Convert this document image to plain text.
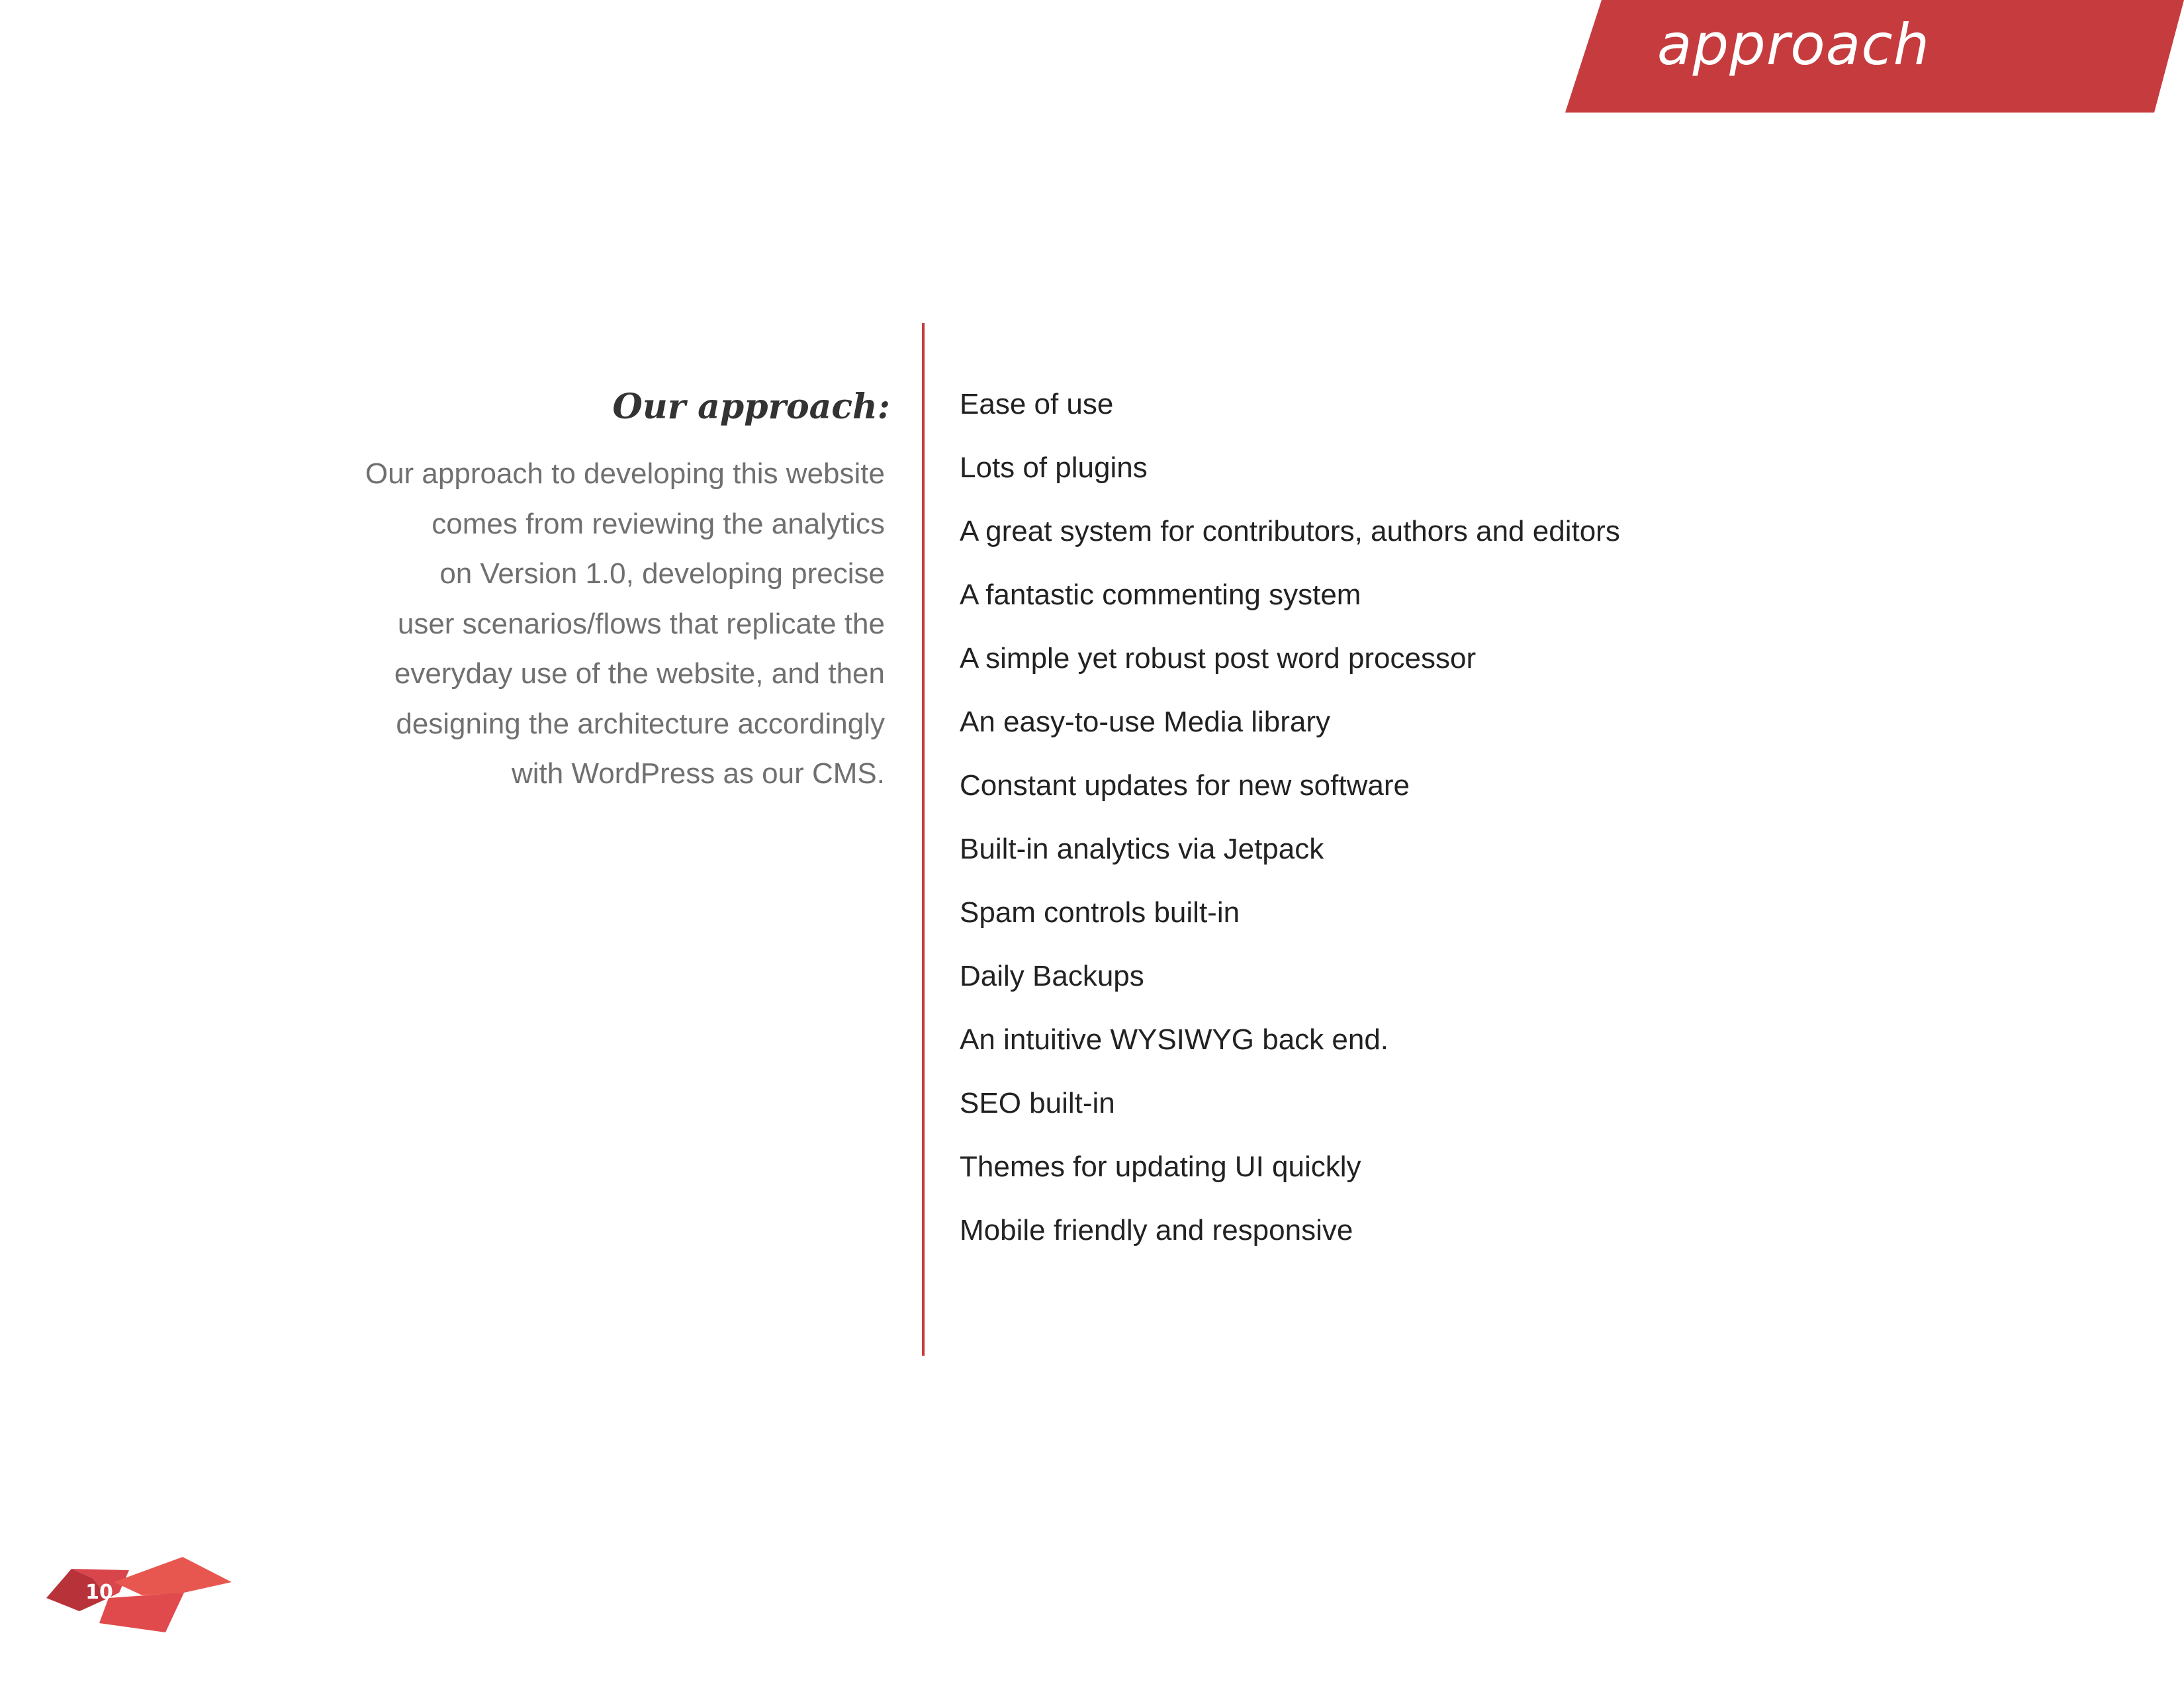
approach
Our approach:

Our approach to developing this website
comes from reviewing the analytics
on Version 1.0, developing precise
user scenarios/flows that replicate the
everyday use of the website, and then
designing the architecture accordingly
with WordPress as our CMS.

Ease of use
Lots of plugins
A great system for contributors, authors and editors
A fantastic commenting system
A simple yet robust post word processor
An easy-to-use Media library
Constant updates for new software
Built-in analytics via Jetpack
Spam controls built-in
Daily Backups
An intuitive WYSIWYG back end.
SEO built-in
Themes for updating UI quickly
Mobile friendly and responsive
10
